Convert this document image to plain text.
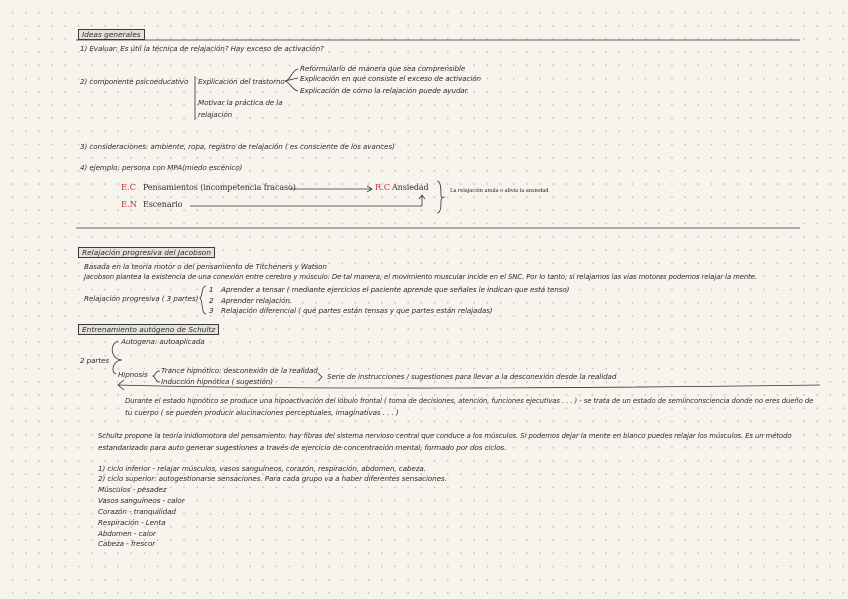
Ideas generales
1) Evaluar: Es útil la técnica de relajación? Hay exceso de activación?
2) componente psicoeducativo Explicación del trastorno
Reformularlo de manera que sea comprensible
Explicación en qué consiste el exceso de activación
Explicación de cómo la relajación puede ayudar.
Motivar la práctica de la
relajación
3) consideraciones: ambiente, ropa, registro de relajación ( es consciente de los avances)
4) ejemplo: persona con MPA(miedo escénico)
E.C Pensamientos (incompetencia fracaso)	R.C Ansiedad
E.N Escenario
La relajación anula o alivia la ansiedad
Relajación progresiva del Jacobson
Basada en la teoría motor o del pensamiento de Titcheners y Watson
Jacobson plantea la existencia de una conexión entre cerebro y músculo. De tal manera, el movimiento muscular incide en el SNC. Por lo tanto, si relajamos las vías motoras podemos relajar la mente.
Relajación progresiva ( 3 partes)
1 Aprender a tensar ( mediante ejercicios el paciente aprende que señales le indican que está tenso)
2 Aprender relajación.
3 Relajación diferencial ( qué partes están tensas y que partes están relajadas)
Entrenamiento autógeno de Schultz
Autogena: autoaplicada
2 partes
Hipnosis Trance hipnótico: desconexión de la realidad
Inducción hipnótica ( sugestión)
Serie de instrucciones / sugestiones para llevar a la desconexión desde la realidad
Durante el estado hipnótico se produce una hipoactivación del lóbulo frontal ( toma de decisiones, atención, funciones ejecutivas . . . ) - se trata de un estado de semiinconsciencia donde no eres dueño de
tu cuerpo ( se pueden producir alucinaciones perceptuales, imaginativas . . . )
Schultz propone la teoría inidiomotora del pensamiento: hay fibras del sistema nervioso central que conduce a los músculos. Si podemos dejar la mente en blanco puedes relajar los músculos. Es un método
estandarizado para auto generar sugestiones a través de ejercicio de concentración mental, formado por dos ciclos.
1) ciclo inferior - relajar músculos, vasos sanguíneos, corazón, respiración, abdomen, cabeza.
2) ciclo superior: autogestionarse sensaciones. Para cada grupo va a haber diferentes sensaciones.
Músculos - pesadez
Vasos sanguíneos - calor
Corazón - tranquilidad
Respiración - Lenta
Abdomen - calor
Cabeza - frescor
